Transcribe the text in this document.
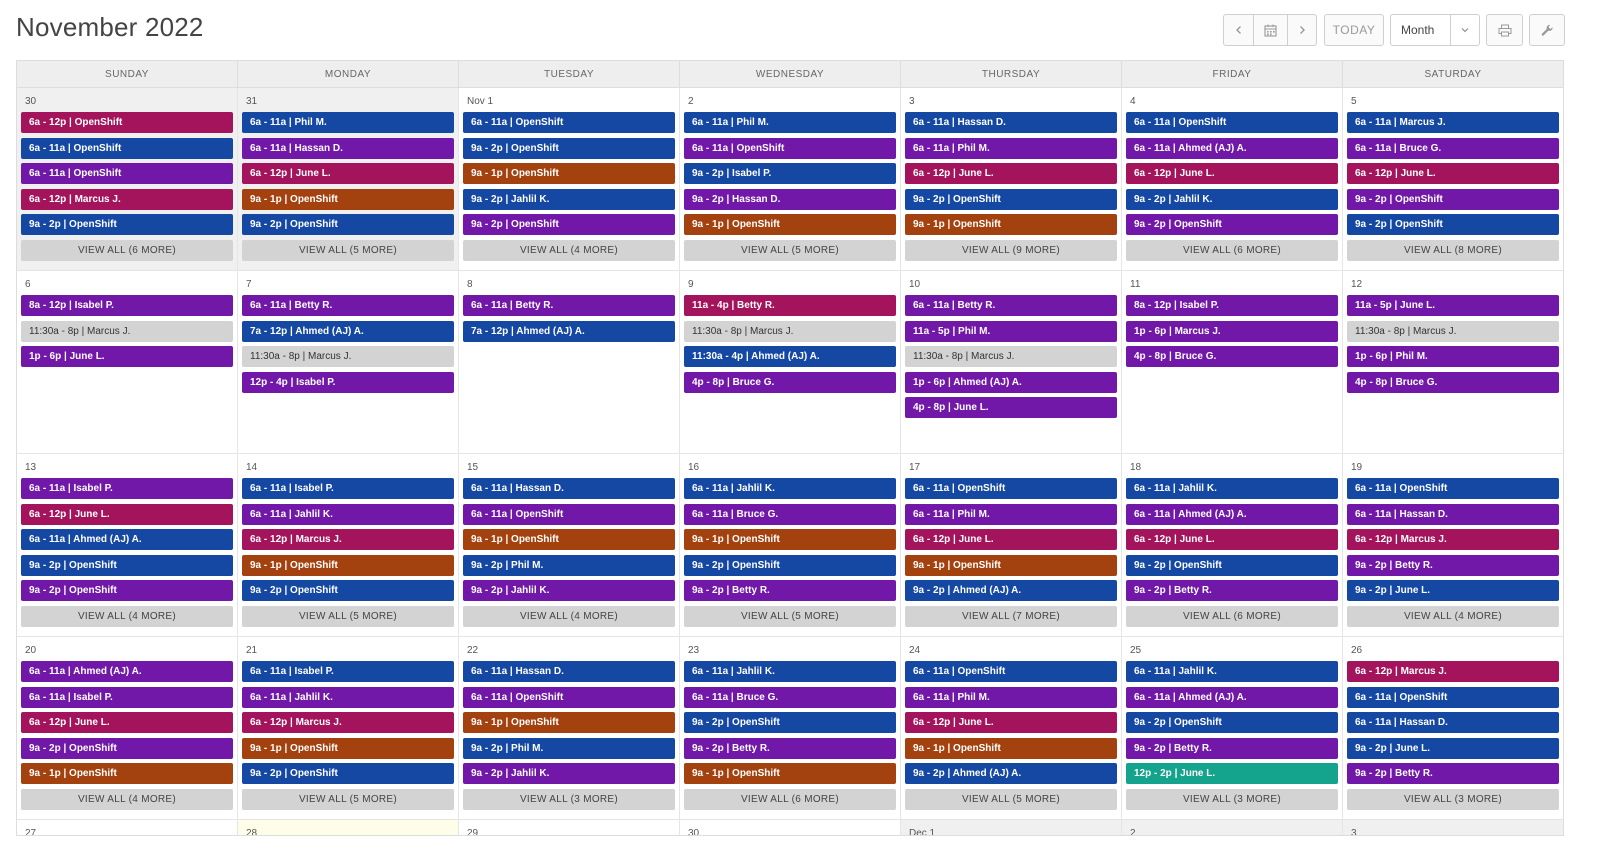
November 2022	TODAY	Month
SUNDAY	MONDAY	TUESDAY	WEDNESDAY	THURSDAY	FRIDAY	SATURDAY
30
6a - 12p | OpenShift
6a - 11a | OpenShift
6a - 11a | OpenShift
6a - 12p | Marcus J.
9a - 2p | OpenShift
VIEW ALL (6 MORE)
31
6a - 11a | Phil M.
6a - 11a | Hassan D.
6a - 12p | June L.
9a - 1p | OpenShift
9a - 2p | OpenShift
VIEW ALL (5 MORE)
Nov 1
6a - 11a | OpenShift
9a - 2p | OpenShift
9a - 1p | OpenShift
9a - 2p | Jahlil K.
9a - 2p | OpenShift
VIEW ALL (4 MORE)
2
6a - 11a | Phil M.
6a - 11a | OpenShift
9a - 2p | Isabel P.
9a - 2p | Hassan D.
9a - 1p | OpenShift
VIEW ALL (5 MORE)
3
6a - 11a | Hassan D.
6a - 11a | Phil M.
6a - 12p | June L.
9a - 2p | OpenShift
9a - 1p | OpenShift
VIEW ALL (9 MORE)
4
6a - 11a | OpenShift
6a - 11a | Ahmed (AJ) A.
6a - 12p | June L.
9a - 2p | Jahlil K.
9a - 2p | OpenShift
VIEW ALL (6 MORE)
5
6a - 11a | Marcus J.
6a - 11a | Bruce G.
6a - 12p | June L.
9a - 2p | OpenShift
9a - 2p | OpenShift
VIEW ALL (8 MORE)
6
8a - 12p | Isabel P.
11:30a - 8p | Marcus J.
1p - 6p | June L.
7
6a - 11a | Betty R.
7a - 12p | Ahmed (AJ) A.
11:30a - 8p | Marcus J.
12p - 4p | Isabel P.
8
6a - 11a | Betty R.
7a - 12p | Ahmed (AJ) A.
9
11a - 4p | Betty R.
11:30a - 8p | Marcus J.
11:30a - 4p | Ahmed (AJ) A.
4p - 8p | Bruce G.
10
6a - 11a | Betty R.
11a - 5p | Phil M.
11:30a - 8p | Marcus J.
1p - 6p | Ahmed (AJ) A.
4p - 8p | June L.
11
8a - 12p | Isabel P.
1p - 6p | Marcus J.
4p - 8p | Bruce G.
12
11a - 5p | June L.
11:30a - 8p | Marcus J.
1p - 6p | Phil M.
4p - 8p | Bruce G.
13
6a - 11a | Isabel P.
6a - 12p | June L.
6a - 11a | Ahmed (AJ) A.
9a - 2p | OpenShift
9a - 2p | OpenShift
VIEW ALL (4 MORE)
14
6a - 11a | Isabel P.
6a - 11a | Jahlil K.
6a - 12p | Marcus J.
9a - 1p | OpenShift
9a - 2p | OpenShift
VIEW ALL (5 MORE)
15
6a - 11a | Hassan D.
6a - 11a | OpenShift
9a - 1p | OpenShift
9a - 2p | Phil M.
9a - 2p | Jahlil K.
VIEW ALL (4 MORE)
16
6a - 11a | Jahlil K.
6a - 11a | Bruce G.
9a - 1p | OpenShift
9a - 2p | OpenShift
9a - 2p | Betty R.
VIEW ALL (5 MORE)
17
6a - 11a | OpenShift
6a - 11a | Phil M.
6a - 12p | June L.
9a - 1p | OpenShift
9a - 2p | Ahmed (AJ) A.
VIEW ALL (7 MORE)
18
6a - 11a | Jahlil K.
6a - 11a | Ahmed (AJ) A.
6a - 12p | June L.
9a - 2p | OpenShift
9a - 2p | Betty R.
VIEW ALL (6 MORE)
19
6a - 11a | OpenShift
6a - 11a | Hassan D.
6a - 12p | Marcus J.
9a - 2p | Betty R.
9a - 2p | June L.
VIEW ALL (4 MORE)
20
6a - 11a | Ahmed (AJ) A.
6a - 11a | Isabel P.
6a - 12p | June L.
9a - 2p | OpenShift
9a - 1p | OpenShift
VIEW ALL (4 MORE)
21
6a - 11a | Isabel P.
6a - 11a | Jahlil K.
6a - 12p | Marcus J.
9a - 1p | OpenShift
9a - 2p | OpenShift
VIEW ALL (5 MORE)
22
6a - 11a | Hassan D.
6a - 11a | OpenShift
9a - 1p | OpenShift
9a - 2p | Phil M.
9a - 2p | Jahlil K.
VIEW ALL (3 MORE)
23
6a - 11a | Jahlil K.
6a - 11a | Bruce G.
9a - 2p | OpenShift
9a - 2p | Betty R.
9a - 1p | OpenShift
VIEW ALL (6 MORE)
24
6a - 11a | OpenShift
6a - 11a | Phil M.
6a - 12p | June L.
9a - 1p | OpenShift
9a - 2p | Ahmed (AJ) A.
VIEW ALL (5 MORE)
25
6a - 11a | Jahlil K.
6a - 11a | Ahmed (AJ) A.
9a - 2p | OpenShift
9a - 2p | Betty R.
12p - 2p | June L.
VIEW ALL (3 MORE)
26
6a - 12p | Marcus J.
6a - 11a | OpenShift
6a - 11a | Hassan D.
9a - 2p | June L.
9a - 2p | Betty R.
VIEW ALL (3 MORE)
27	28	29	30	Dec 1	2	3
